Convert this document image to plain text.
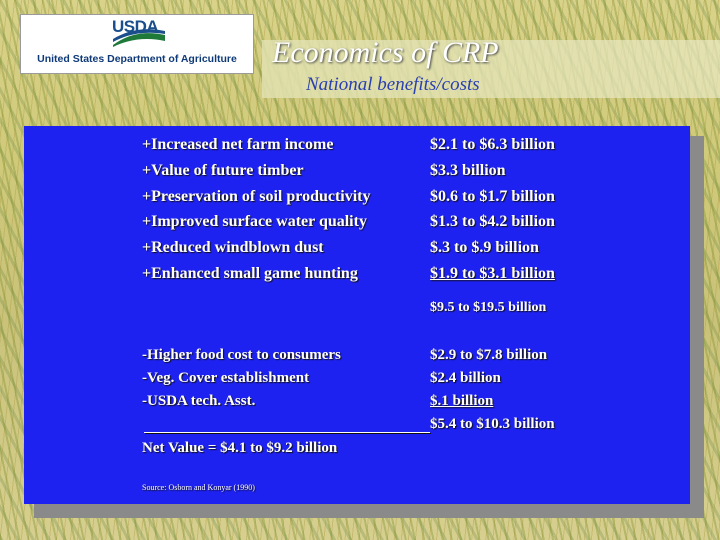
USDA
United States Department of Agriculture	Economics of CRP
National benefits/costs
+Increased net farm income	$2.1 to $6.3 billion
+Value of future timber	$3.3 billion
+Preservation of soil productivity	$0.6 to $1.7 billion
+Improved surface water quality	$1.3 to $4.2 billion
+Reduced windblown dust	$.3 to $.9 billion
+Enhanced small game hunting	$1.9 to $3.1 billion
$9.5 to $19.5 billion
-Higher food cost to consumers	$2.9 to $7.8 billion
-Veg. Cover establishment	$2.4 billion
-USDA tech. Asst.	$.1 billion
$5.4 to $10.3 billion
Net Value = $4.1 to $9.2 billion
Source: Osborn and Konyar (1990)
